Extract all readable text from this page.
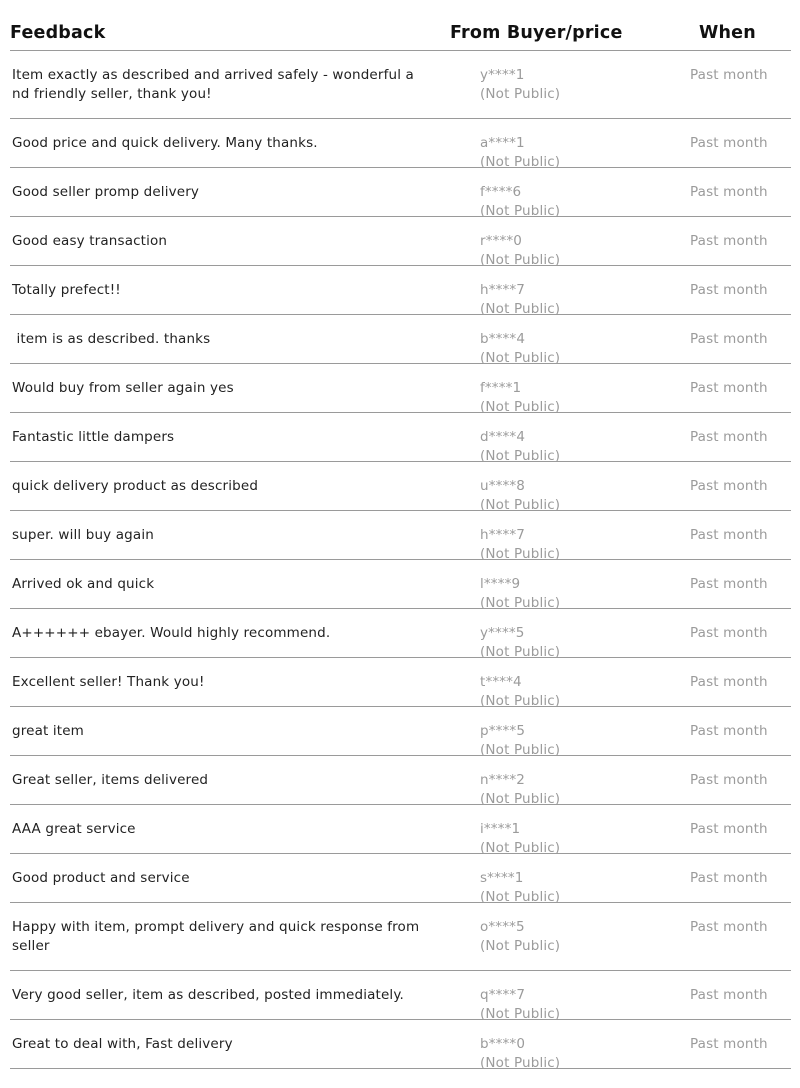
Feedback	From Buyer/price	When
Item exactly as described and arrived safely - wonderful and friendly seller, thank you!
y****1
(Not Public)
Past month
Good price and quick delivery. Many thanks.	a****1
(Not Public)
Past month
Good seller promp delivery	f****6
(Not Public)
Past month
Good easy transaction	r****0
(Not Public)
Past month
Totally prefect!!	h****7
(Not Public)
Past month
item is as described. thanks	b****4
(Not Public)
Past month
Would buy from seller again yes	f****1
(Not Public)
Past month
Fantastic little dampers	d****4
(Not Public)
Past month
quick delivery product as described	u****8
(Not Public)
Past month
super. will buy again	h****7
(Not Public)
Past month
Arrived ok and quick	l****9
(Not Public)
Past month
A++++++ ebayer. Would highly recommend.	y****5
(Not Public)
Past month
Excellent seller! Thank you!	t****4
(Not Public)
Past month
great item	p****5
(Not Public)
Past month
Great seller, items delivered	n****2
(Not Public)
Past month
AAA great service	i****1
(Not Public)
Past month
Good product and service	s****1
(Not Public)
Past month
Happy with item, prompt delivery and quick response from seller
o****5
(Not Public)
Past month
Very good seller, item as described, posted immediately.	q****7
(Not Public)
Past month
Great to deal with, Fast delivery	b****0
(Not Public)
Past month
